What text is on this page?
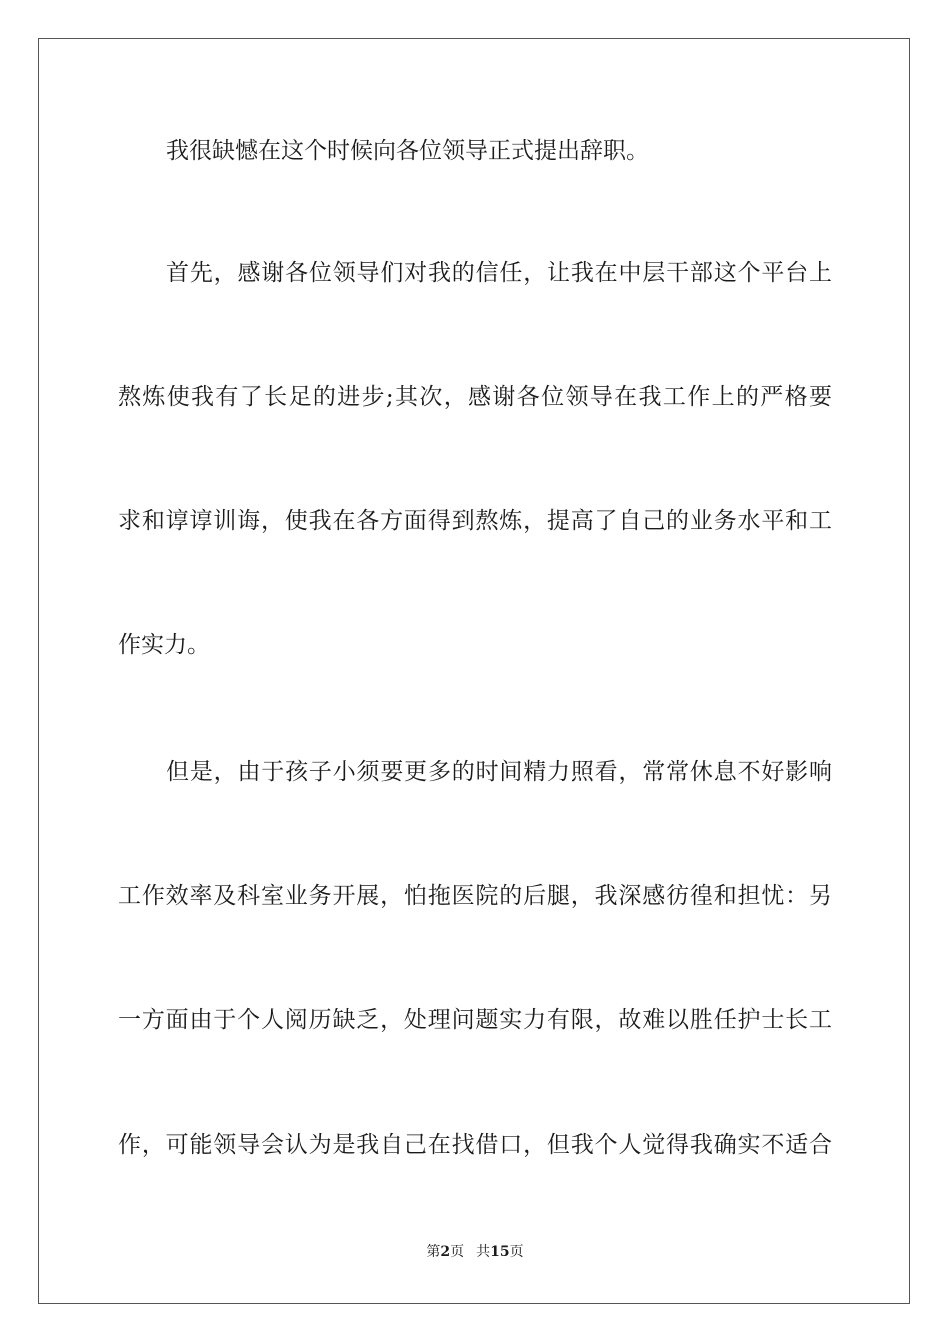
我很缺憾在这个时候向各位领导正式提出辞职。
首先，感谢各位领导们对我的信任，让我在中层干部这个平台上
熬炼使我有了长足的进步;其次，感谢各位领导在我工作上的严格要
求和谆谆训诲，使我在各方面得到熬炼，提高了自己的业务水平和工
作实力。
但是，由于孩子小须要更多的时间精力照看，常常休息不好影响
工作效率及科室业务开展，怕拖医院的后腿，我深感彷徨和担忧：另
一方面由于个人阅历缺乏，处理问题实力有限，故难以胜任护士长工
作，可能领导会认为是我自己在找借口，但我个人觉得我确实不适合
第2页 共15页
